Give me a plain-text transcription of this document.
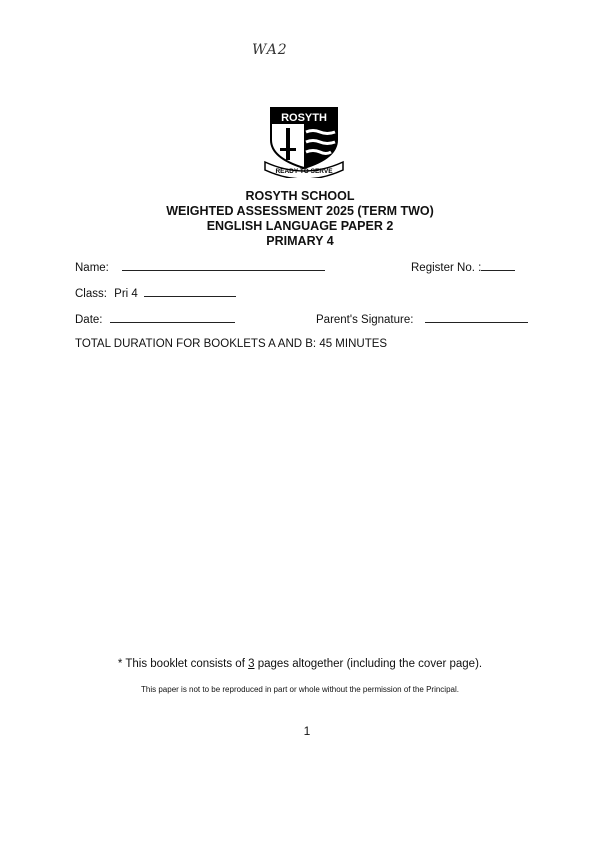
WA2
ROSYTH
READY TO SERVE
ROSYTH SCHOOL
WEIGHTED ASSESSMENT 2025 (TERM TWO)
ENGLISH LANGUAGE PAPER 2
PRIMARY 4
Name:	Register No. :
Class: Pri 4
Date:	Parent's Signature:
TOTAL DURATION FOR BOOKLETS A AND B: 45 MINUTES
* This booklet consists of 3 pages altogether (including the cover page).
This paper is not to be reproduced in part or whole without the permission of the Principal.
1
